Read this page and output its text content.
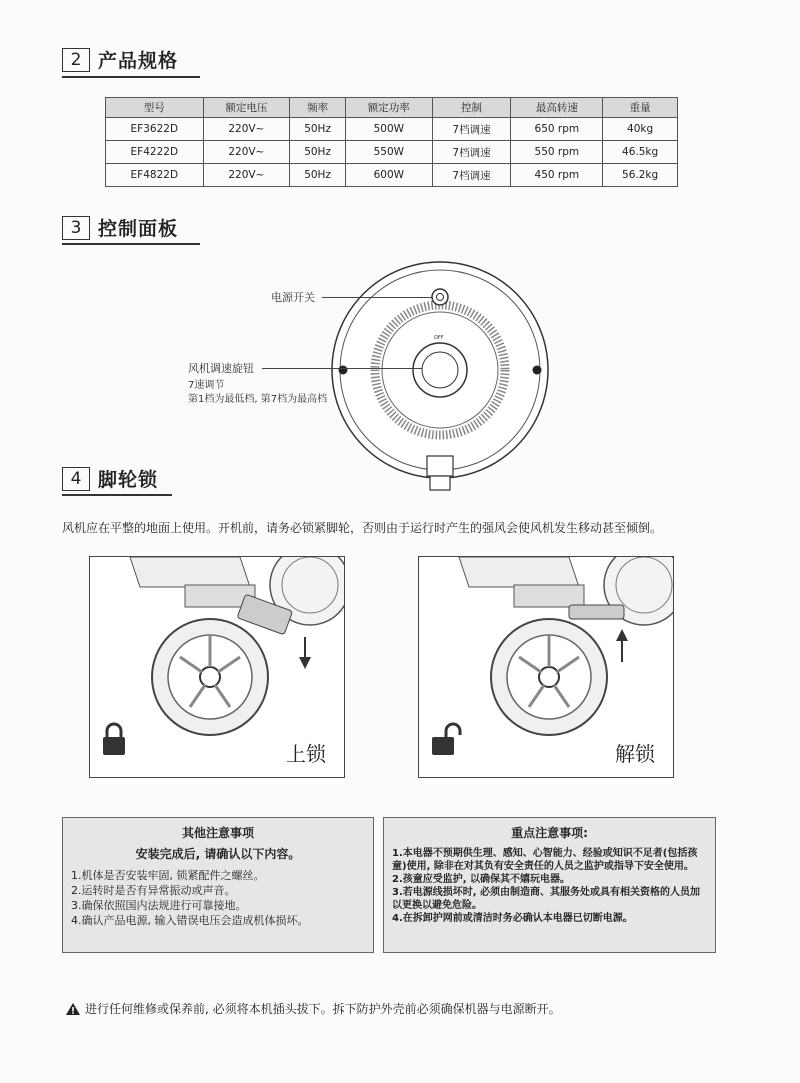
2 产品规格
型号	额定电压	频率	额定功率	控制	最高转速	重量
EF3622D	220V~	50Hz	500W	7档调速	650 rpm	40kg
EF4222D	220V~	50Hz	550W	7档调速	550 rpm	46.5kg
EF4822D	220V~	50Hz	600W	7档调速	450 rpm	56.2kg
3 控制面板
OFF
电源开关
风机调速旋钮
7速调节
第1档为最低档, 第7档为最高档
4 脚轮锁
风机应在平整的地面上使用。开机前，请务必锁紧脚轮，否则由于运行时产生的强风会使风机发生移动甚至倾倒。
上锁	解锁
其他注意事项
安装完成后, 请确认以下内容。
1.机体是否安装牢固, 锁紧配件之螺丝。
2.运转时是否有异常振动或声音。
3.确保依照国内法规进行可靠接地。
4.确认产品电源, 输入错误电压会造成机体损坏。
重点注意事项:
1.本电器不预期供生理、感知、心智能力、经验或知识不足者(包括孩童)使用, 除非在对其负有安全责任的人员之监护或指导下安全使用。
2.孩童应受监护, 以确保其不嬉玩电器。
3.若电源线损坏时, 必须由制造商、其服务处或具有相关资格的人员加以更换以避免危险。
4.在拆卸护网前或清洁时务必确认本电器已切断电源。
进行任何维修或保养前, 必须将本机插头拔下。拆下防护外壳前必须确保机器与电源断开。
